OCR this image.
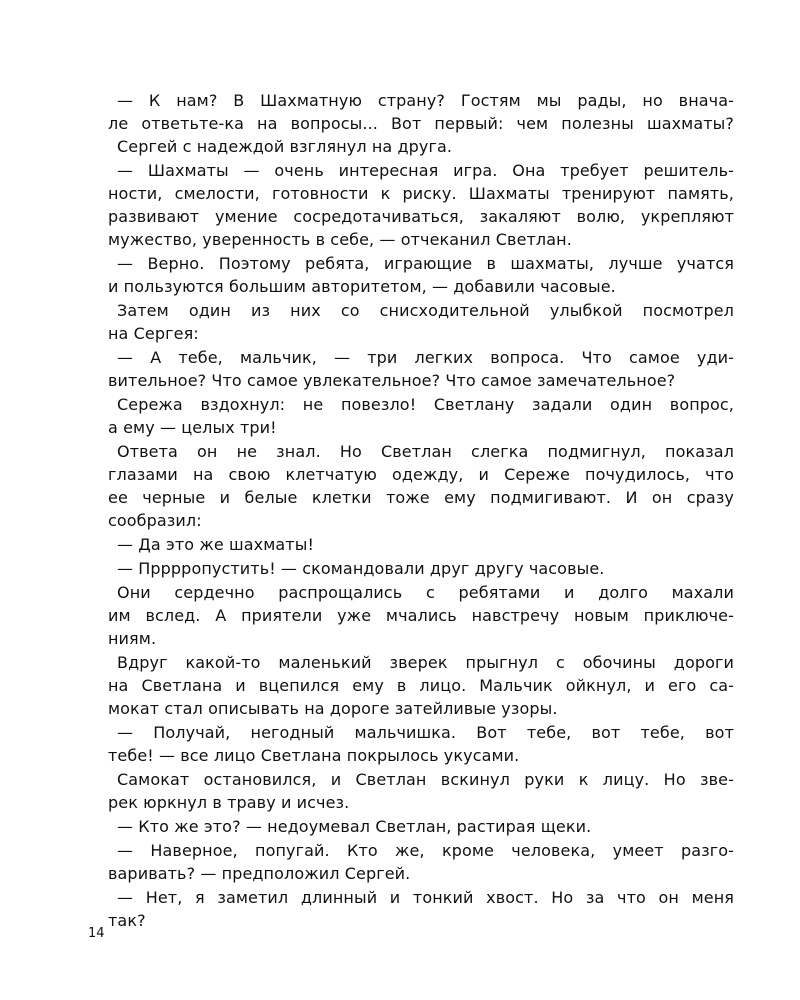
— К нам? В Шахматную страну? Гостям мы рады, но внача-
ле ответьте-ка на вопросы... Вот первый: чем полезны шахматы?
Сергей с надеждой взглянул на друга.
— Шахматы — очень интересная игра. Она требует решитель-
ности, смелости, готовности к риску. Шахматы тренируют память,
развивают умение сосредотачиваться, закаляют волю, укрепляют
мужество, уверенность в себе, — отчеканил Светлан.
— Верно. Поэтому ребята, играющие в шахматы, лучше учатся
и пользуются большим авторитетом, — добавили часовые.
Затем один из них со снисходительной улыбкой посмотрел
на Сергея:
— А тебе, мальчик, — три легких вопроса. Что самое уди-
вительное? Что самое увлекательное? Что самое замечательное?
Сережа вздохнул: не повезло! Светлану задали один вопрос,
а ему — целых три!
Ответа он не знал. Но Светлан слегка подмигнул, показал
глазами на свою клетчатую одежду, и Сереже почудилось, что
ее черные и белые клетки тоже ему подмигивают. И он сразу
сообразил:
— Да это же шахматы!
— Прррропустить! — скомандовали друг другу часовые.
Они сердечно распрощались с ребятами и долго махали
им вслед. А приятели уже мчались навстречу новым приключе-
ниям.
Вдруг какой-то маленький зверек прыгнул с обочины дороги
на Светлана и вцепился ему в лицо. Мальчик ойкнул, и его са-
мокат стал описывать на дороге затейливые узоры.
— Получай, негодный мальчишка. Вот тебе, вот тебе, вот
тебе! — все лицо Светлана покрылось укусами.
Самокат остановился, и Светлан вскинул руки к лицу. Но зве-
рек юркнул в траву и исчез.
— Кто же это? — недоумевал Светлан, растирая щеки.
— Наверное, попугай. Кто же, кроме человека, умеет разго-
варивать? — предположил Сергей.
— Нет, я заметил длинный и тонкий хвост. Но за что он меня
так?
14
